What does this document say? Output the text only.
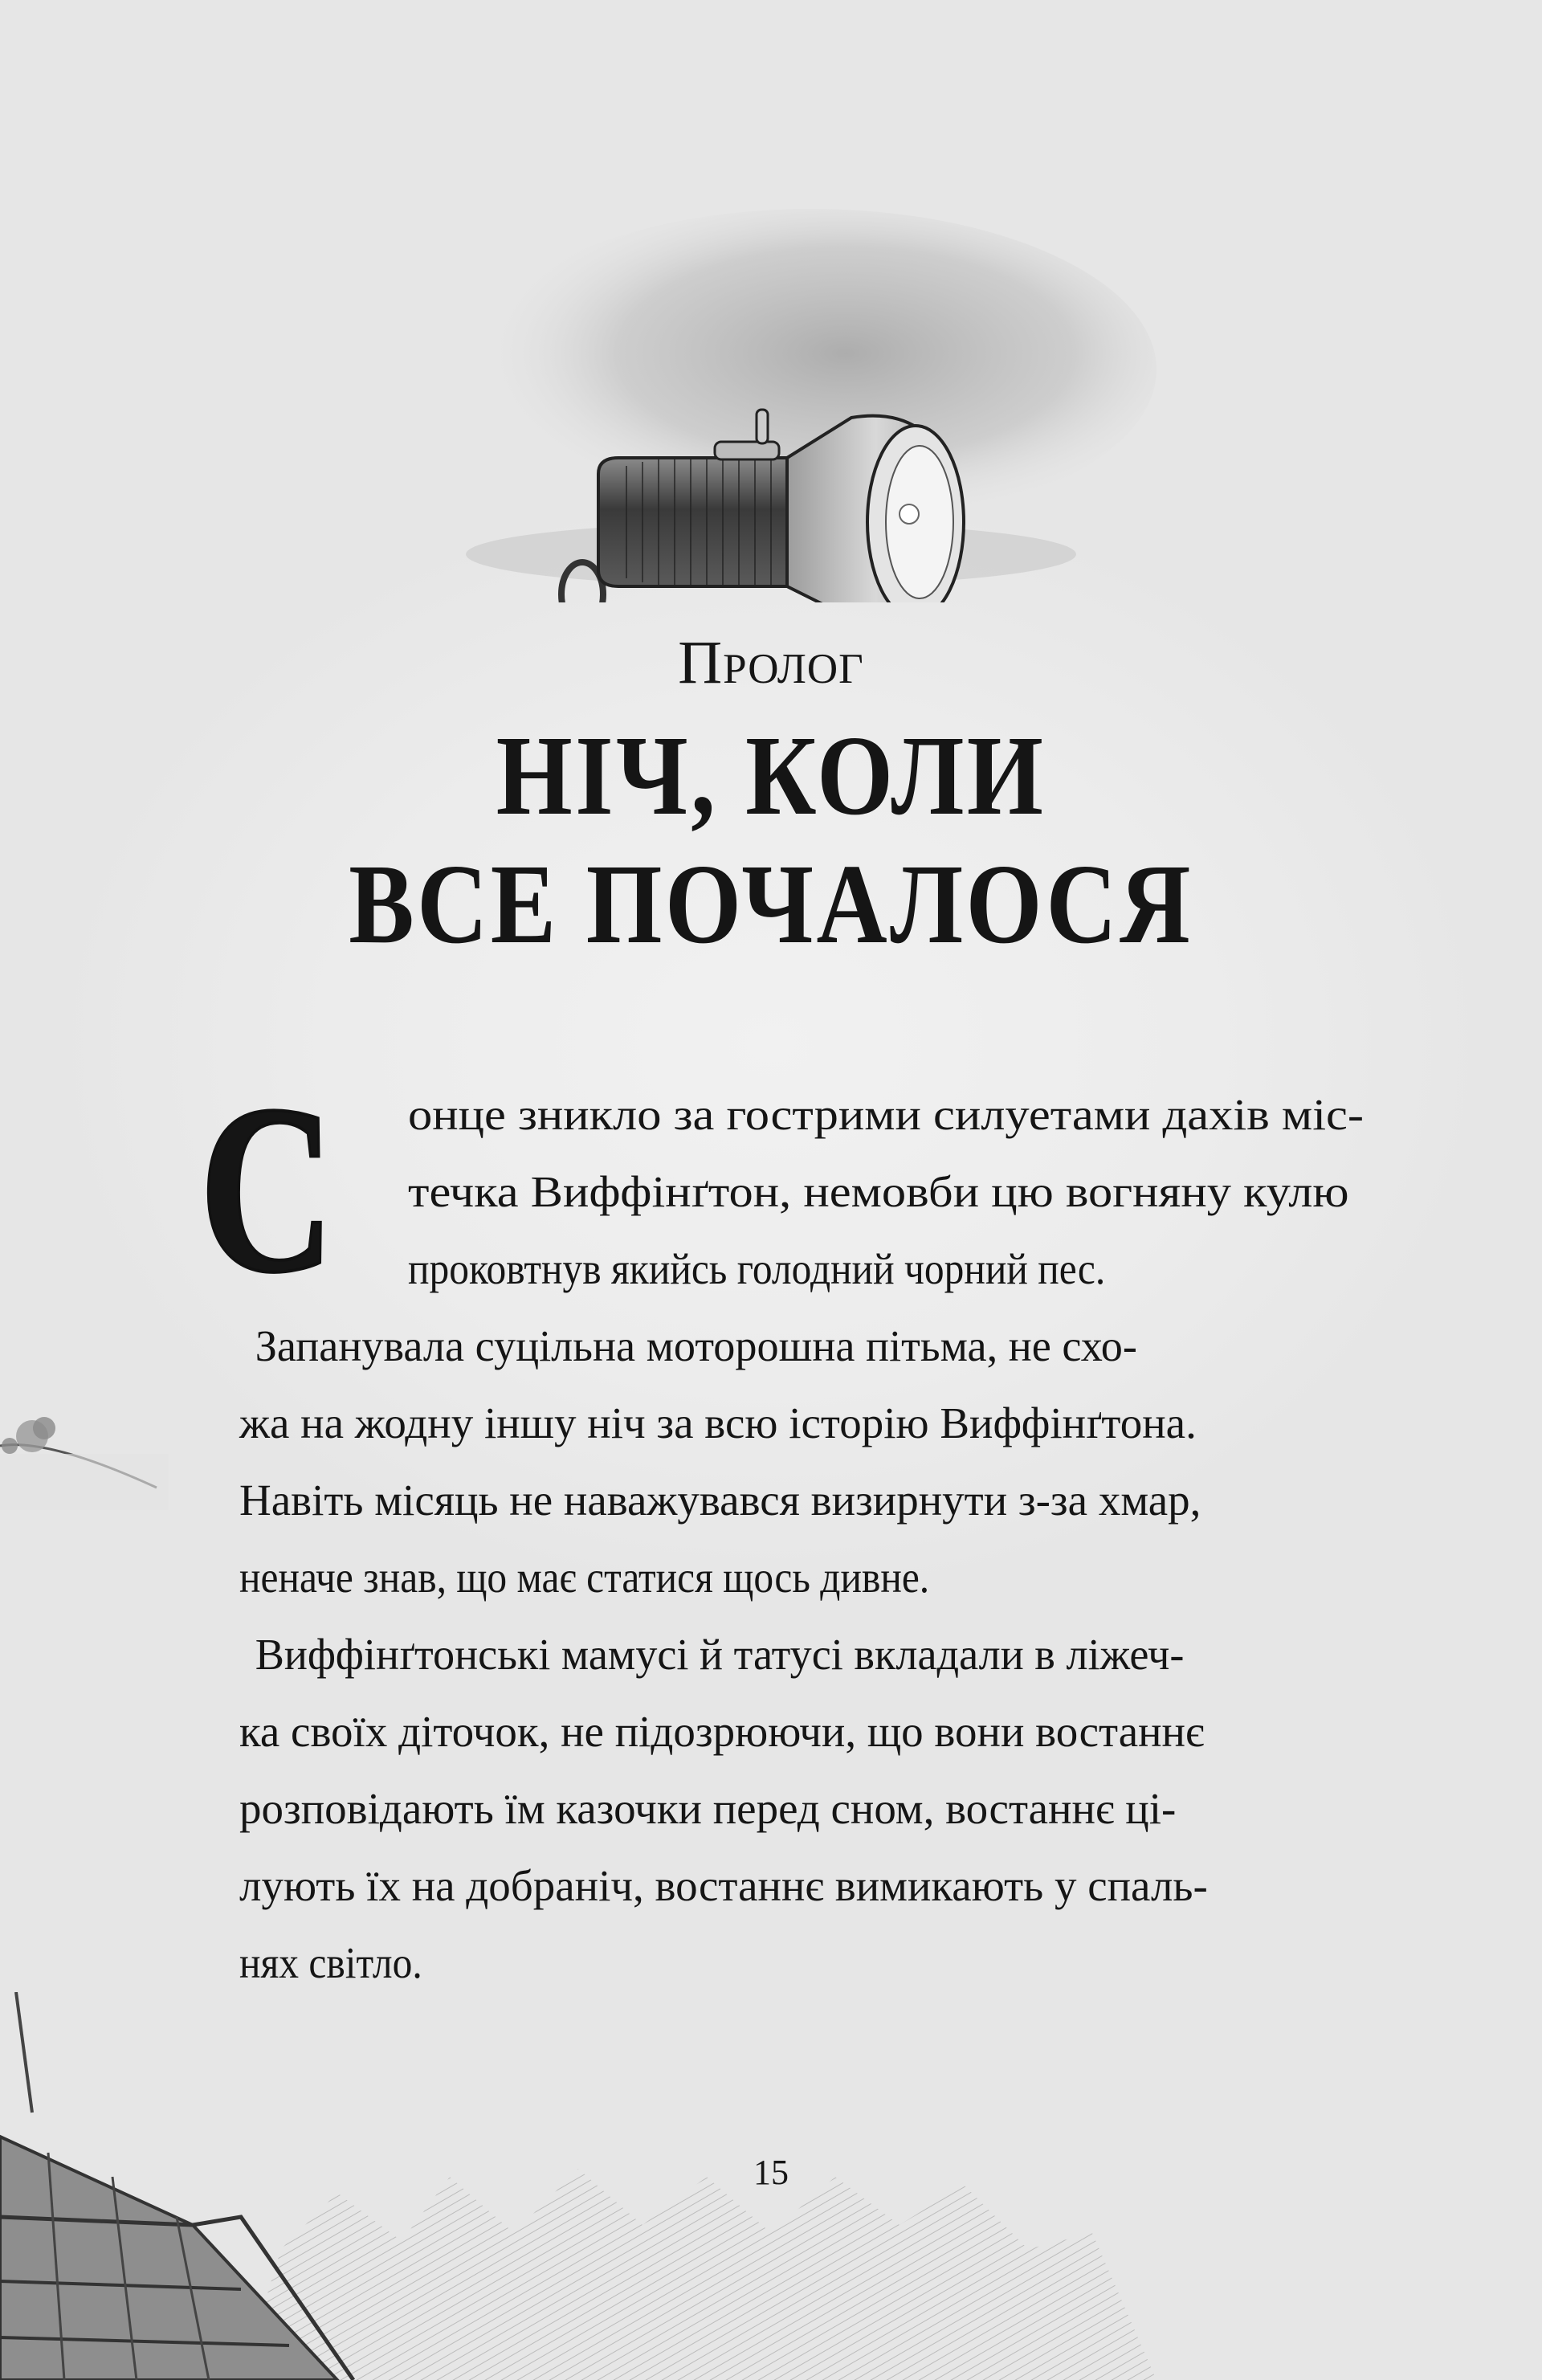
Пролог
НІЧ, КОЛИ
ВСЕ ПОЧАЛОСЯ
С онце зникло за гострими силуетами дахів міс-
течка Виффінґтон, немовби цю вогняну кулю
проковтнув якийсь голодний чорний пес.
Запанувала суцільна моторошна пітьма, не схо-
жа на жодну іншу ніч за всю історію Виффінґтона.
Навіть місяць не наважувався визирнути з-за хмар,
неначе знав, що має статися щось дивне.
Виффінґтонські мамусі й татусі вкладали в ліжеч-
ка своїх діточок, не підозрюючи, що вони востаннє
розповідають їм казочки перед сном, востаннє ці-
лують їх на добраніч, востаннє вимикають у спаль-
нях світло.
15
